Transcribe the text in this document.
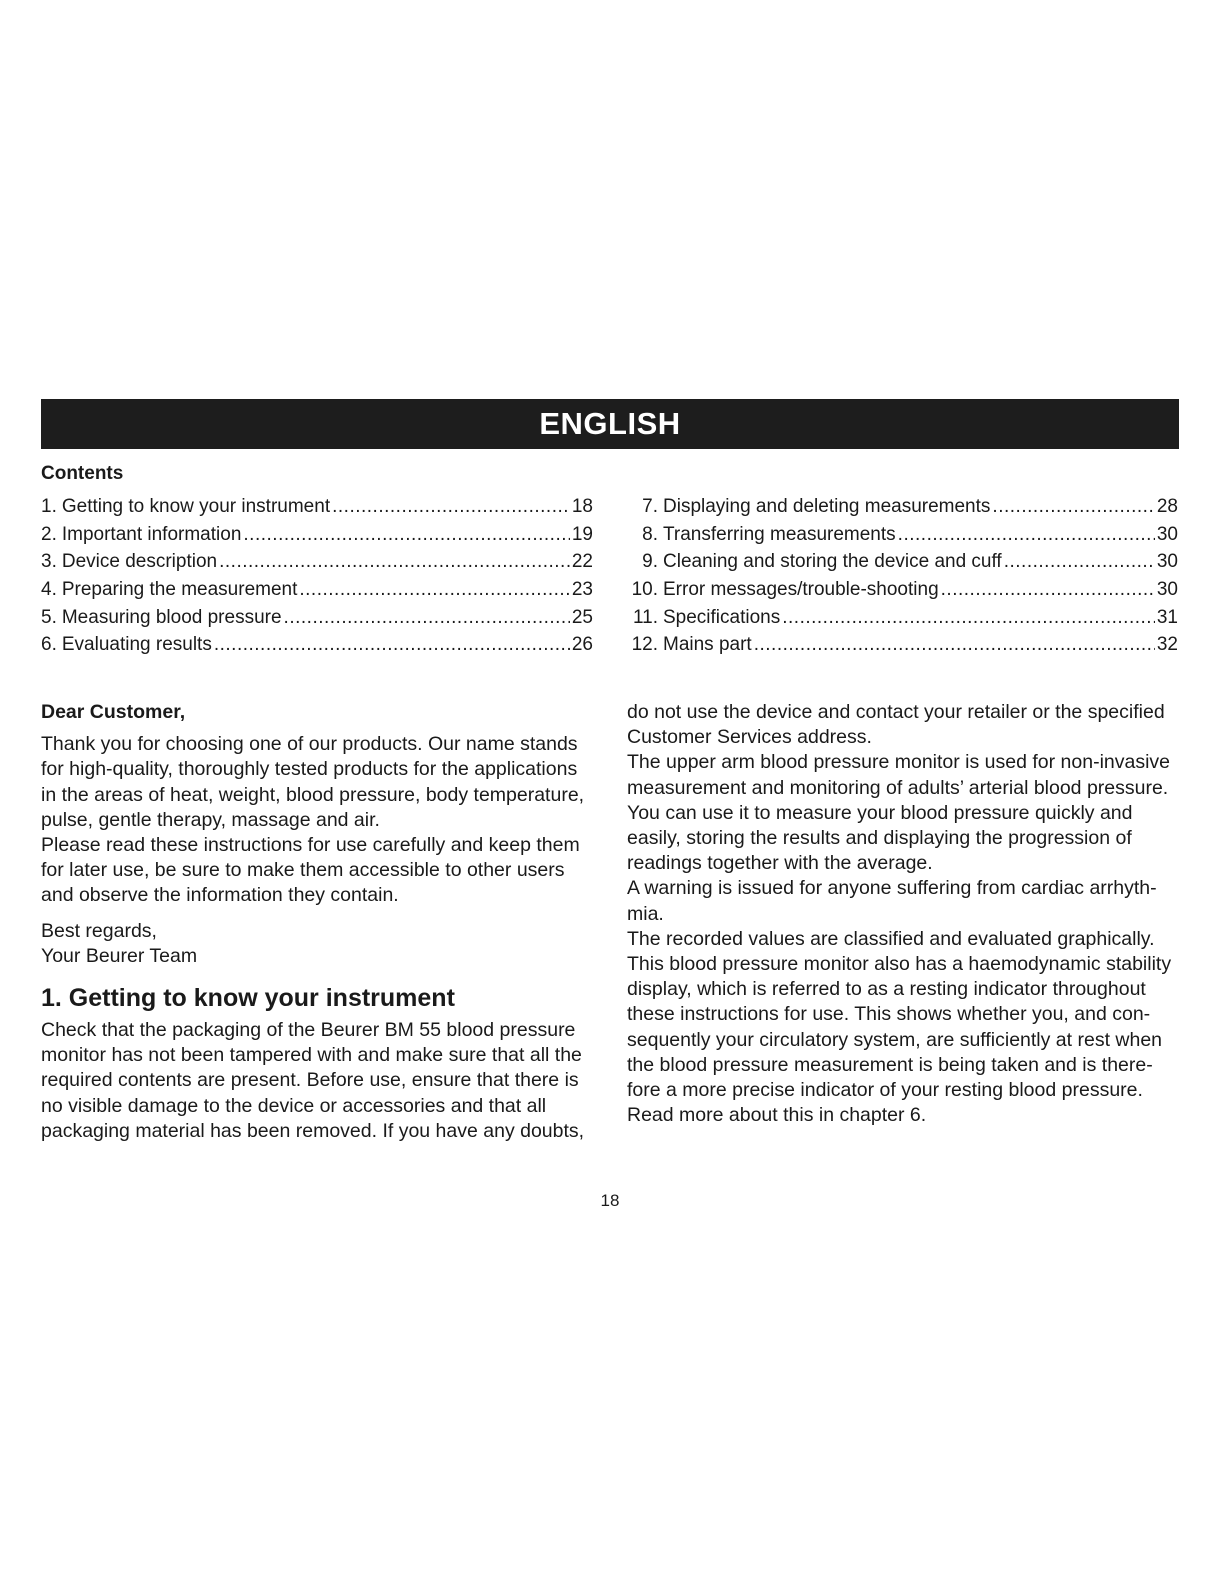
ENGLISH
Contents
1. Getting to know your instrument .....	18
2. Important information .....	19
3. Device description .....	22
4. Preparing the measurement .....	23
5. Measuring blood pressure .....	25
6. Evaluating results .....	26
7. Displaying and deleting measurements .....	28
8. Transferring measurements .....	30
9. Cleaning and storing the device and cuff .....	30
10. Error messages/trouble-shooting .....	30
11. Specifications .....	31
12. Mains part .....	32

Dear Customer,

Thank you for choosing one of our products. Our name stands for high-quality, thoroughly tested products for the applications in the areas of heat, weight, blood pressure, body temperature, pulse, gentle therapy, massage and air.

Please read these instructions for use carefully and keep them for later use, be sure to make them accessible to other users and observe the information they contain.

Best regards,

Your Beurer Team

1. Getting to know your instrument

Check that the packaging of the Beurer BM 55 blood pressure monitor has not been tampered with and make sure that all the required contents are present. Before use, ensure that there is no visible damage to the device or accessories and that all packaging material has been removed. If you have any doubts,

do not use the device and contact your retailer or the specified Customer Services address.

The upper arm blood pressure monitor is used for non-invasive measurement and monitoring of adults’ arterial blood pressure.

You can use it to measure your blood pressure quickly and easily, storing the results and displaying the progression of readings together with the average.

A warning is issued for anyone suffering from cardiac arrhyth-mia.

The recorded values are classified and evaluated graphically.

This blood pressure monitor also has a haemodynamic stability display, which is referred to as a resting indicator throughout these instructions for use. This shows whether you, and con-sequently your circulatory system, are sufficiently at rest when the blood pressure measurement is being taken and is there-fore a more precise indicator of your resting blood pressure.

Read more about this in chapter 6.

18
